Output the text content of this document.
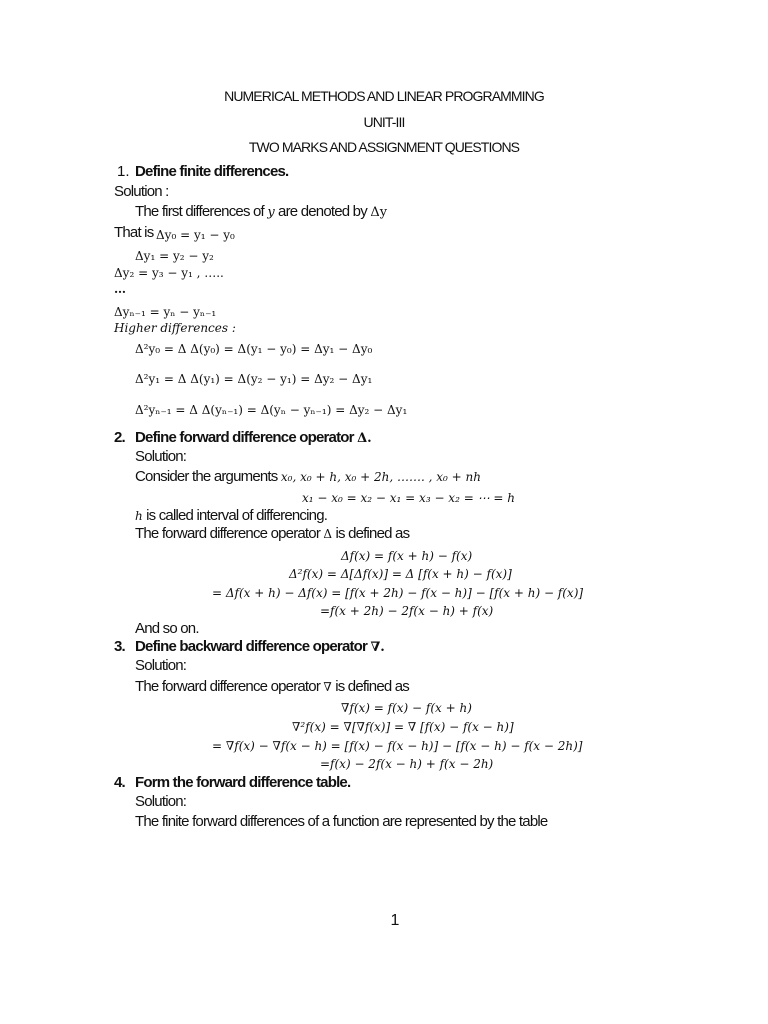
NUMERICAL METHODS AND LINEAR PROGRAMMING
UNIT-III
TWO MARKS AND ASSIGNMENT QUESTIONS
1. Define finite differences.
Solution :
The first differences of y are denoted by Δy
That is Δy₀ = y₁ − y₀
Δy₁ = y₂ − y₂
Δy₂ = y₃ − y₁ , …..
…
Δyₙ₋₁ = yₙ − yₙ₋₁
Higher differences :
Δ²y₀ = Δ Δ(y₀) = Δ(y₁ − y₀) = Δy₁ − Δy₀
Δ²y₁ = Δ Δ(y₁) = Δ(y₂ − y₁) = Δy₂ − Δy₁
Δ²yₙ₋₁ = Δ Δ(yₙ₋₁) = Δ(yₙ − yₙ₋₁) = Δy₂ − Δy₁
2. Define forward difference operator Δ.
Solution:
Consider the arguments x₀, x₀ + h, x₀ + 2h, ……. , x₀ + nh
x₁ − x₀ = x₂ − x₁ = x₃ − x₂ = ⋯ = h
h is called interval of differencing.
The forward difference operator Δ is defined as
Δf(x) = f(x + h) − f(x)
Δ²f(x) = Δ[Δf(x)] = Δ [f(x + h) − f(x)]
= Δf(x + h) − Δf(x) = [f(x + 2h) − f(x − h)] − [f(x + h) − f(x)]
=f(x + 2h) − 2f(x − h) + f(x)
And so on.
3. Define backward difference operator ∇.
Solution:
The forward difference operator ∇ is defined as
∇f(x) = f(x) − f(x + h)
∇²f(x) = ∇[∇f(x)] = ∇ [f(x) − f(x − h)]
= ∇f(x) − ∇f(x − h) = [f(x) − f(x − h)] − [f(x − h) − f(x − 2h)]
=f(x) − 2f(x − h) + f(x − 2h)
4. Form the forward difference table.
Solution:
The finite forward differences of a function are represented by the table
1
